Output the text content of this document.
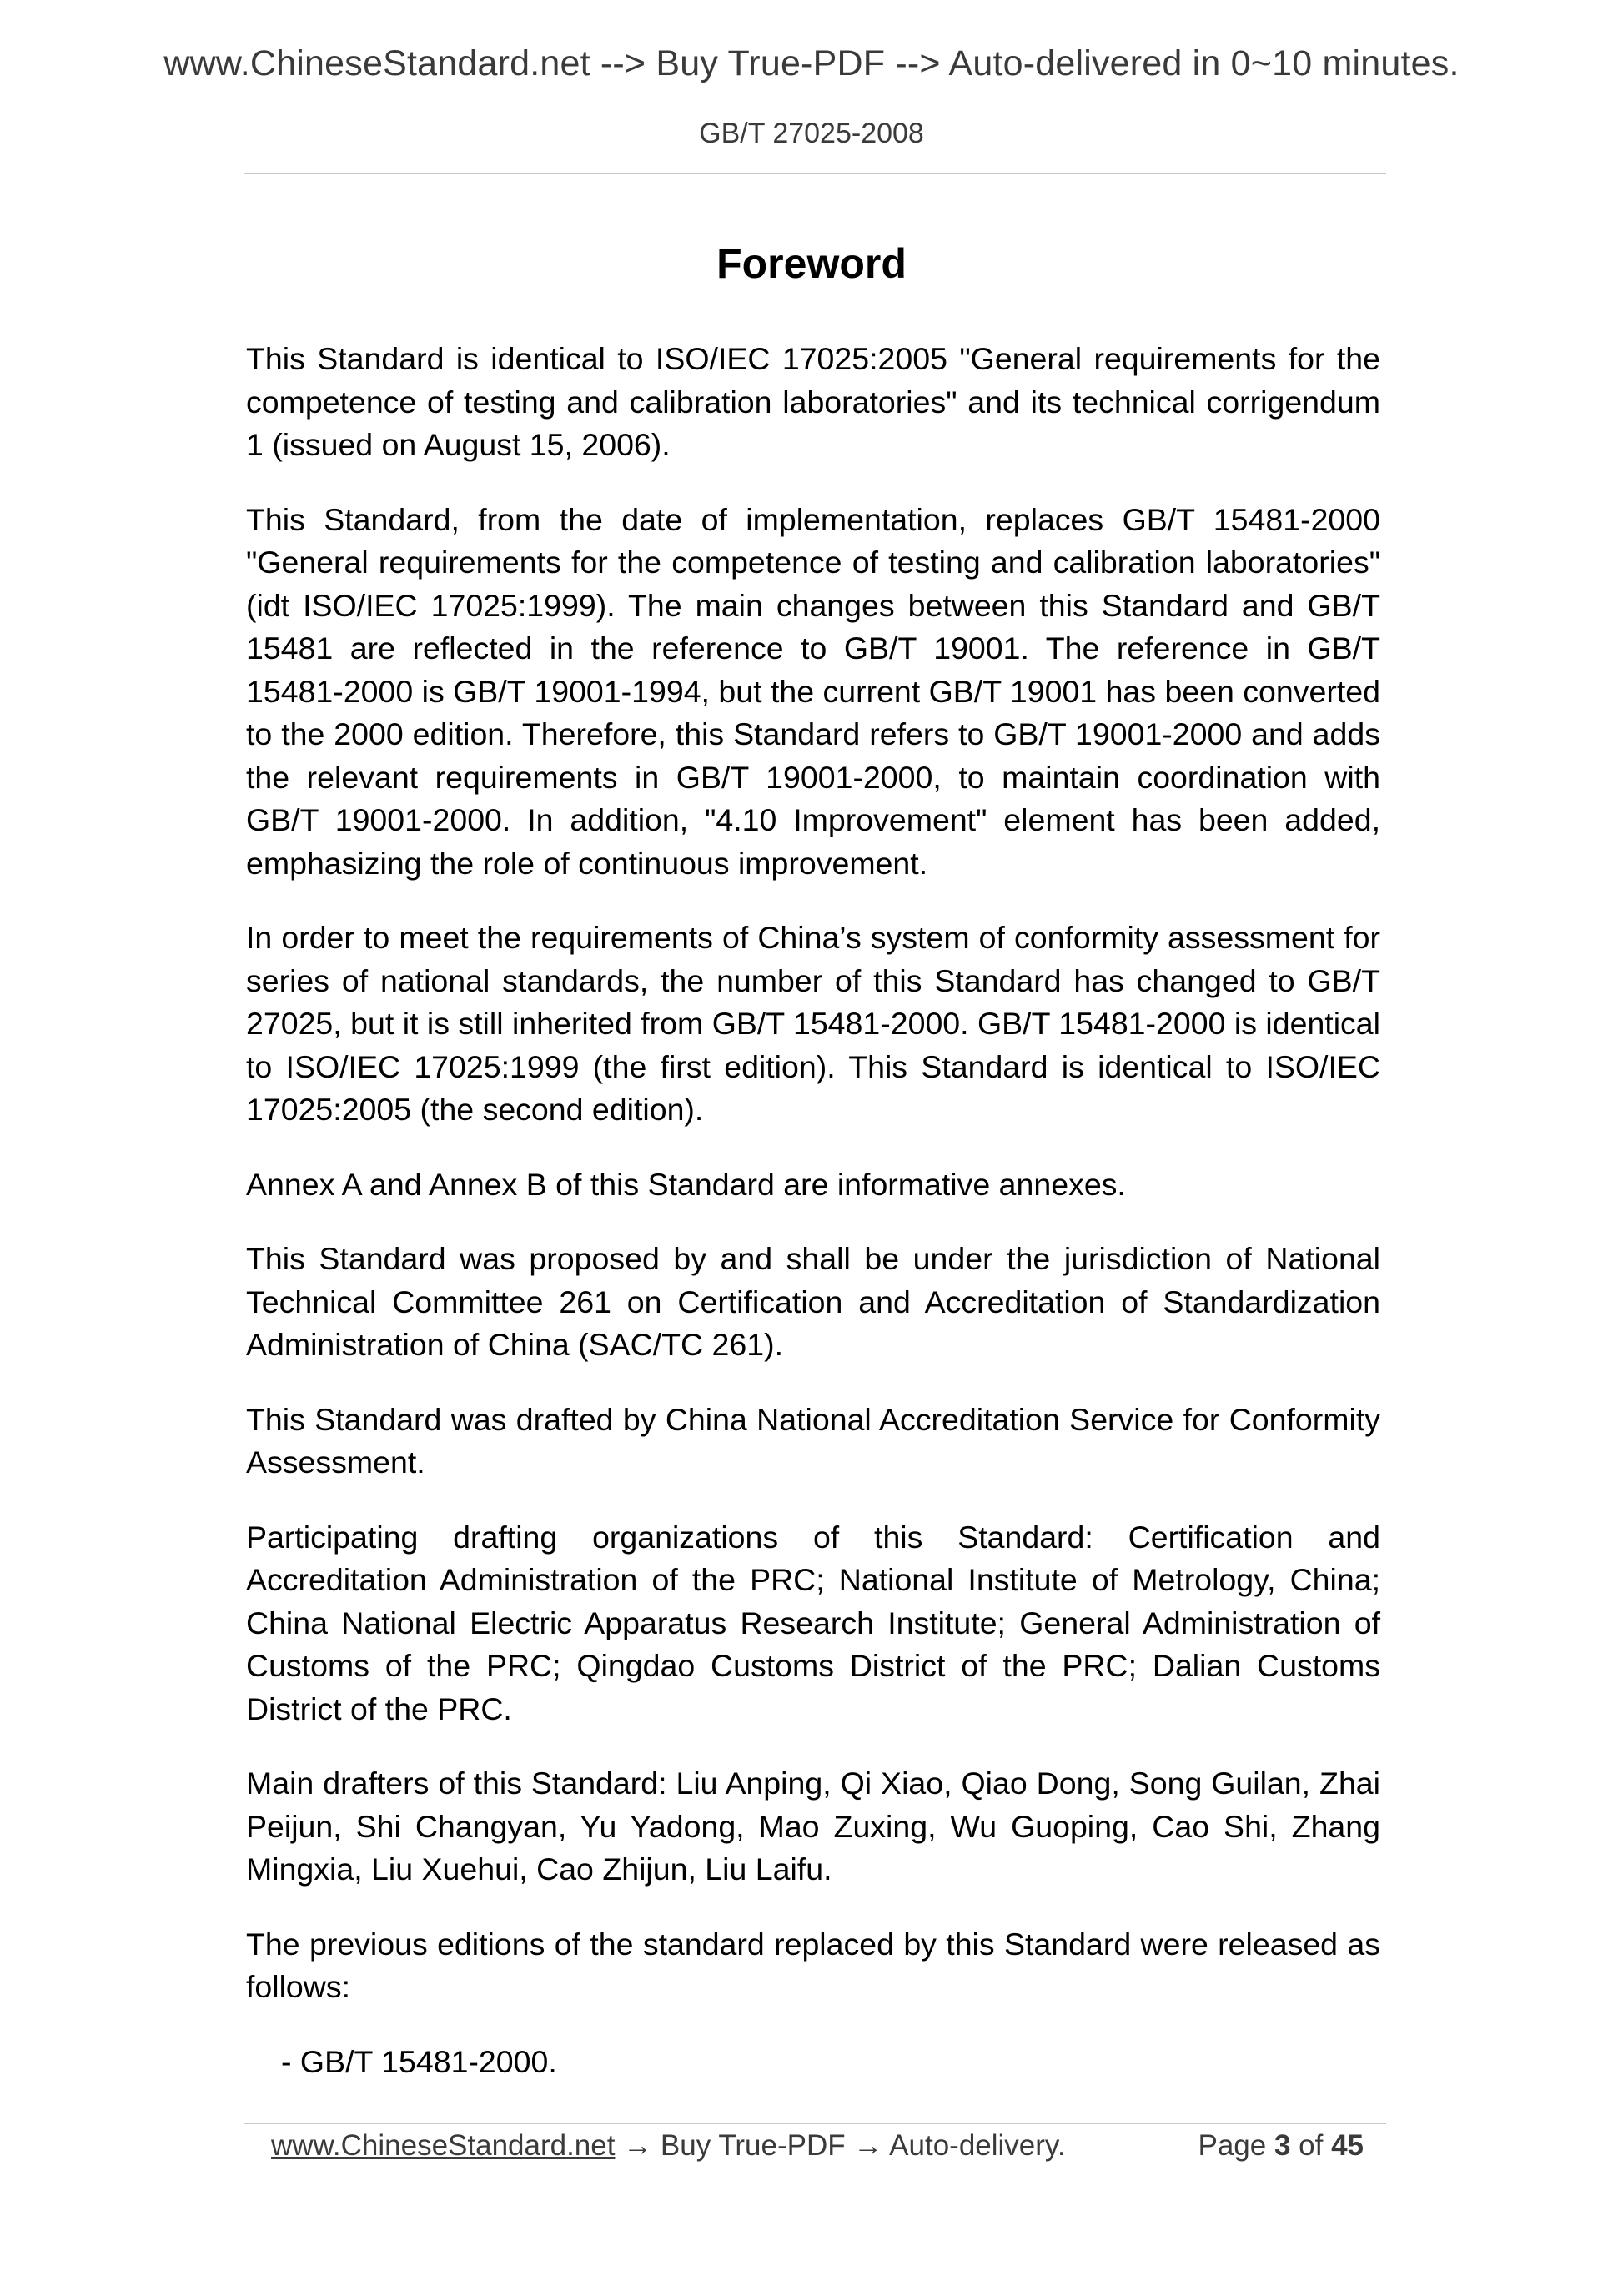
www.ChineseStandard.net --> Buy True-PDF --> Auto-delivered in 0~10 minutes.
GB/T 27025-2008
Foreword

This Standard is identical to ISO/IEC 17025:2005 "General requirements for the competence of testing and calibration laboratories" and its technical corrigendum 1 (issued on August 15, 2006).

This Standard, from the date of implementation, replaces GB/T 15481-2000 "General requirements for the competence of testing and calibration laboratories" (idt ISO/IEC 17025:1999). The main changes between this Standard and GB/T 15481 are reflected in the reference to GB/T 19001. The reference in GB/T 15481-2000 is GB/T 19001-1994, but the current GB/T 19001 has been converted to the 2000 edition. Therefore, this Standard refers to GB/T 19001-2000 and adds the relevant requirements in GB/T 19001-2000, to maintain coordination with GB/T 19001-2000. In addition, "4.10 Improvement" element has been added, emphasizing the role of continuous improvement.

In order to meet the requirements of China’s system of conformity assessment for series of national standards, the number of this Standard has changed to GB/T 27025, but it is still inherited from GB/T 15481-2000. GB/T 15481-2000 is identical to ISO/IEC 17025:1999 (the first edition). This Standard is identical to ISO/IEC 17025:2005 (the second edition).

Annex A and Annex B of this Standard are informative annexes.

This Standard was proposed by and shall be under the jurisdiction of National Technical Committee 261 on Certification and Accreditation of Standardization Administration of China (SAC/TC 261).

This Standard was drafted by China National Accreditation Service for Conformity Assessment.

Participating drafting organizations of this Standard: Certification and Accreditation Administration of the PRC; National Institute of Metrology, China; China National Electric Apparatus Research Institute; General Administration of Customs of the PRC; Qingdao Customs District of the PRC; Dalian Customs District of the PRC.

Main drafters of this Standard: Liu Anping, Qi Xiao, Qiao Dong, Song Guilan, Zhai Peijun, Shi Changyan, Yu Yadong, Mao Zuxing, Wu Guoping, Cao Shi, Zhang Mingxia, Liu Xuehui, Cao Zhijun, Liu Laifu.

The previous editions of the standard replaced by this Standard were released as follows:

- GB/T 15481-2000.

www.ChineseStandard.net → Buy True-PDF → Auto-delivery.	Page 3 of 45
